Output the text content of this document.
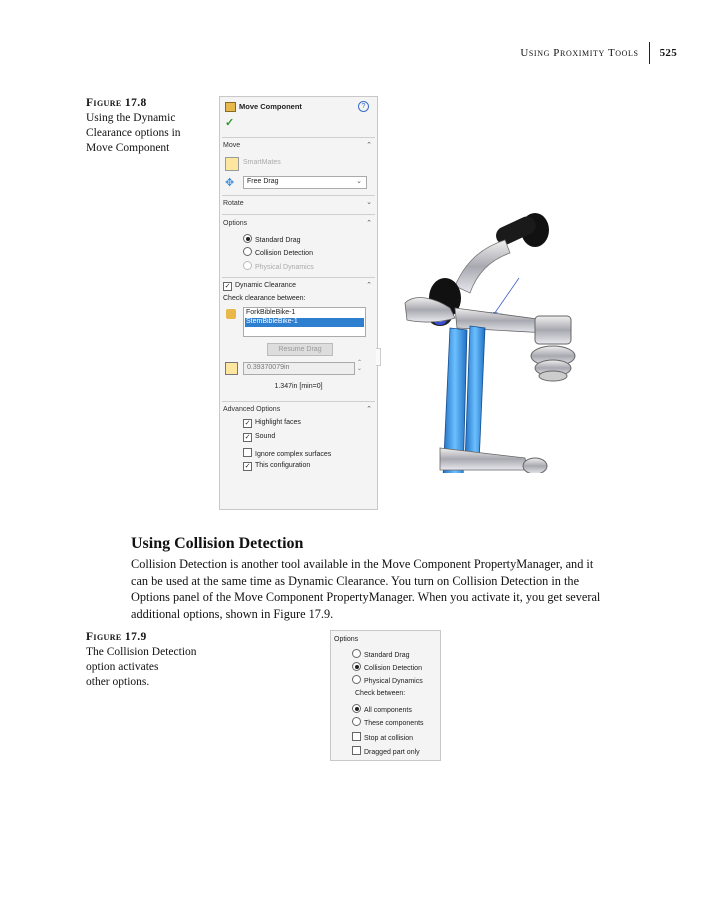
Using Proximity Tools 525
Figure 17.8
Using the Dynamic
Clearance options in
Move Component
Move Component	?
✓
Move	⌃
SmartMates
✥ Free Drag	⌄
Rotate	⌄
Options	⌃
Standard Drag
Collision Detection
Physical Dynamics
✓ Dynamic Clearance	⌃
Check clearance between:
ForkBibleBike-1
StemBibleBike-1
Resume Drag
0.39370079in
⌃
⌄
1.347in [min=0]
Advanced Options	⌃
✓ Highlight faces
✓ Sound
Ignore complex surfaces
✓ This configuration
Using Collision Detection
Collision Detection is another tool available in the Move Component PropertyManager, and it
can be used at the same time as Dynamic Clearance. You turn on Collision Detection in the
Options panel of the Move Component PropertyManager. When you activate it, you get several
additional options, shown in Figure 17.9.
Figure 17.9
The Collision Detection
option activates
other options.
Options
Standard Drag
Collision Detection
Physical Dynamics
Check between:
All components
These components
Stop at collision
Dragged part only
